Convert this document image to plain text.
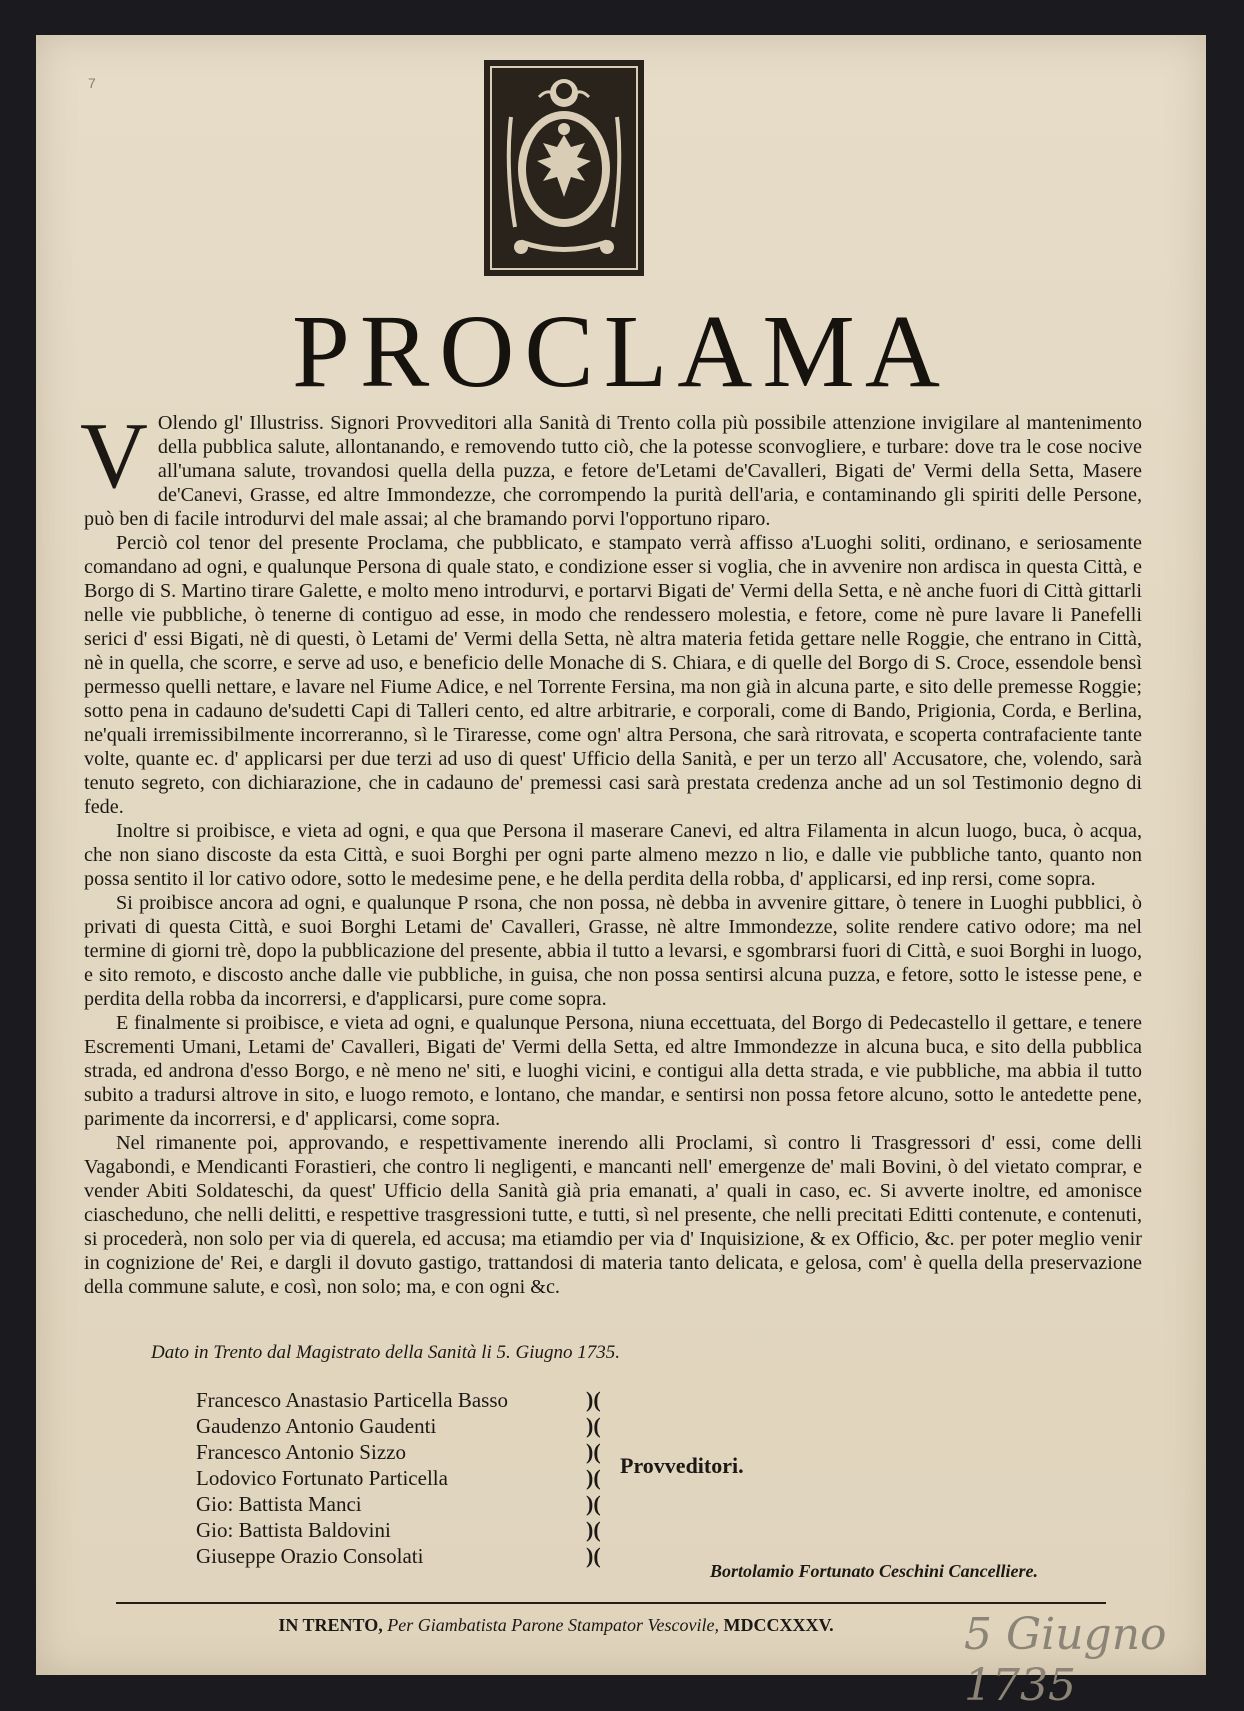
7
PROCLAMA

V Olendo gl' Illustriss. Signori Provveditori alla Sanità di Trento colla più possibile attenzione invigilare al mantenimento della pubblica salute, allontanando, e removendo tutto ciò, che la potesse sconvogliere, e turbare: dove tra le cose nocive all'umana salute, trovandosi quella della puzza, e fetore de'Letami de'Cavalleri, Bigati de' Vermi della Setta, Masere de'Canevi, Grasse, ed altre Immondezze, che corrompendo la purità dell'aria, e contaminando gli spiriti delle Persone, può ben di facile introdurvi del male assai; al che bramando porvi l'opportuno riparo.

Perciò col tenor del presente Proclama, che pubblicato, e stampato verrà affisso a'Luoghi soliti, ordinano, e seriosamente comandano ad ogni, e qualunque Persona di quale stato, e condizione esser si voglia, che in avvenire non ardisca in questa Città, e Borgo di S. Martino tirare Galette, e molto meno introdurvi, e portarvi Bigati de' Vermi della Setta, e nè anche fuori di Città gittarli nelle vie pubbliche, ò tenerne di contiguo ad esse, in modo che rendessero molestia, e fetore, come nè pure lavare li Panefelli serici d' essi Bigati, nè di questi, ò Letami de' Vermi della Setta, nè altra materia fetida gettare nelle Roggie, che entrano in Città, nè in quella, che scorre, e serve ad uso, e beneficio delle Monache di S. Chiara, e di quelle del Borgo di S. Croce, essendole bensì permesso quelli nettare, e lavare nel Fiume Adice, e nel Torrente Fersina, ma non già in alcuna parte, e sito delle premesse Roggie; sotto pena in cadauno de'sudetti Capi di Talleri cento, ed altre arbitrarie, e corporali, come di Bando, Prigionia, Corda, e Berlina, ne'quali irremissibilmente incorreranno, sì le Tiraresse, come ogn' altra Persona, che sarà ritrovata, e scoperta contrafaciente tante volte, quante ec. d' applicarsi per due terzi ad uso di quest' Ufficio della Sanità, e per un terzo all' Accusatore, che, volendo, sarà tenuto segreto, con dichiarazione, che in cadauno de' premessi casi sarà prestata credenza anche ad un sol Testimonio degno di fede.

Inoltre si proibisce, e vieta ad ogni, e qua que Persona il maserare Canevi, ed altra Filamenta in alcun luogo, buca, ò acqua, che non siano discoste da esta Città, e suoi Borghi per ogni parte almeno mezzo n lio, e dalle vie pubbliche tanto, quanto non possa sentito il lor cativo odore, sotto le medesime pene, e he della perdita della robba, d' applicarsi, ed inp rersi, come sopra.

Si proibisce ancora ad ogni, e qualunque P rsona, che non possa, nè debba in avvenire gittare, ò tenere in Luoghi pubblici, ò privati di questa Città, e suoi Borghi Letami de' Cavalleri, Grasse, nè altre Immondezze, solite rendere cativo odore; ma nel termine di giorni trè, dopo la pubblicazione del presente, abbia il tutto a levarsi, e sgombrarsi fuori di Città, e suoi Borghi in luogo, e sito remoto, e discosto anche dalle vie pubbliche, in guisa, che non possa sentirsi alcuna puzza, e fetore, sotto le istesse pene, e perdita della robba da incorrersi, e d'applicarsi, pure come sopra.

E finalmente si proibisce, e vieta ad ogni, e qualunque Persona, niuna eccettuata, del Borgo di Pedecastello il gettare, e tenere Escrementi Umani, Letami de' Cavalleri, Bigati de' Vermi della Setta, ed altre Immondezze in alcuna buca, e sito della pubblica strada, ed androna d'esso Borgo, e nè meno ne' siti, e luoghi vicini, e contigui alla detta strada, e vie pubbliche, ma abbia il tutto subito a tradursi altrove in sito, e luogo remoto, e lontano, che mandar, e sentirsi non possa fetore alcuno, sotto le antedette pene, parimente da incorrersi, e d' applicarsi, come sopra.

Nel rimanente poi, approvando, e respettivamente inerendo alli Proclami, sì contro li Trasgressori d' essi, come delli Vagabondi, e Mendicanti Forastieri, che contro li negligenti, e mancanti nell' emergenze de' mali Bovini, ò del vietato comprar, e vender Abiti Soldateschi, da quest' Ufficio della Sanità già pria emanati, a' quali in caso, ec. Si avverte inoltre, ed amonisce ciascheduno, che nelli delitti, e respettive trasgressioni tutte, e tutti, sì nel presente, che nelli precitati Editti contenute, e contenuti, si procederà, non solo per via di querela, ed accusa; ma etiamdio per via d' Inquisizione, & ex Officio, &c. per poter meglio venir in cognizione de' Rei, e dargli il dovuto gastigo, trattandosi di materia tanto delicata, e gelosa, com' è quella della preservazione della commune salute, e così, non solo; ma, e con ogni &c.

Dato in Trento dal Magistrato della Sanità li 5. Giugno 1735.
Francesco Anastasio Particella Basso	)(
Gaudenzo Antonio Gaudenti	)(
Francesco Antonio Sizzo	)(
Lodovico Fortunato Particella	)(
Gio: Battista Manci	)(
Gio: Battista Baldovini	)(
Giuseppe Orazio Consolati	)(
Provveditori.
Bortolamio Fortunato Ceschini Cancelliere.
IN TRENTO, Per Giambatista Parone Stampator Vescovile, MDCCXXXV.	5 Giugno 1735
